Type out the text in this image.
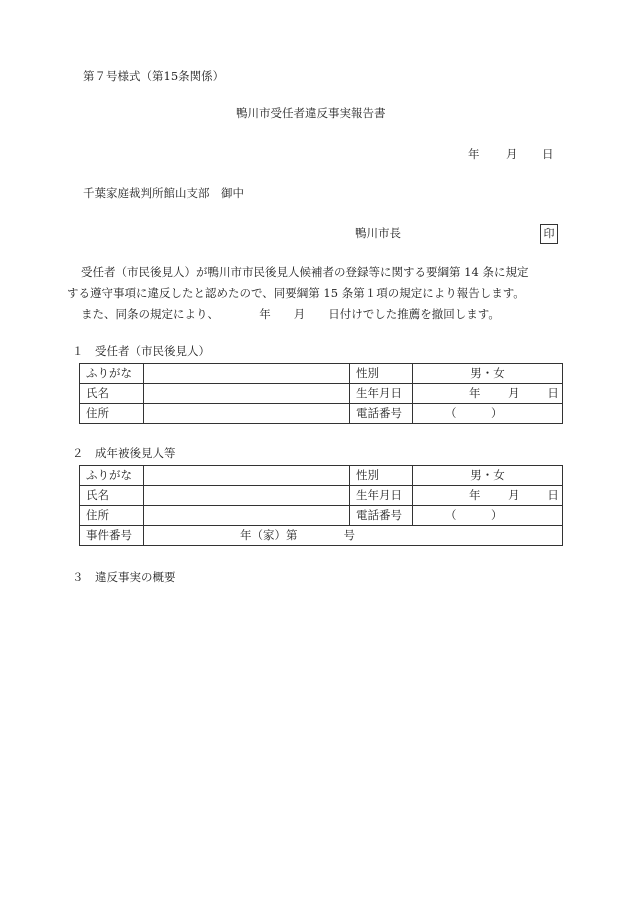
第７号様式（第15条関係）
鴨川市受任者違反事実報告書
年 月 日
千葉家庭裁判所館山支部　御中
鴨川市長	印

受任者（市民後見人）が鴨川市市民後見人候補者の登録等に関する要綱第 14 条に規定

する遵守事項に違反したと認めたので、同要綱第 15 条第１項の規定により報告します。

また、同条の規定により、　　　　年　　月　　日付けでした推薦を撤回します。

１　受任者（市民後見人）
ふりがな		性別	男・女
氏名		生年月日	年 月 日
住所		電話番号	（　　　）
２　成年被後見人等
ふりがな		性別	男・女
氏名		生年月日	年 月 日
住所		電話番号	（　　　）
事件番号	年（家）第　　　　号		
３　違反事実の概要
